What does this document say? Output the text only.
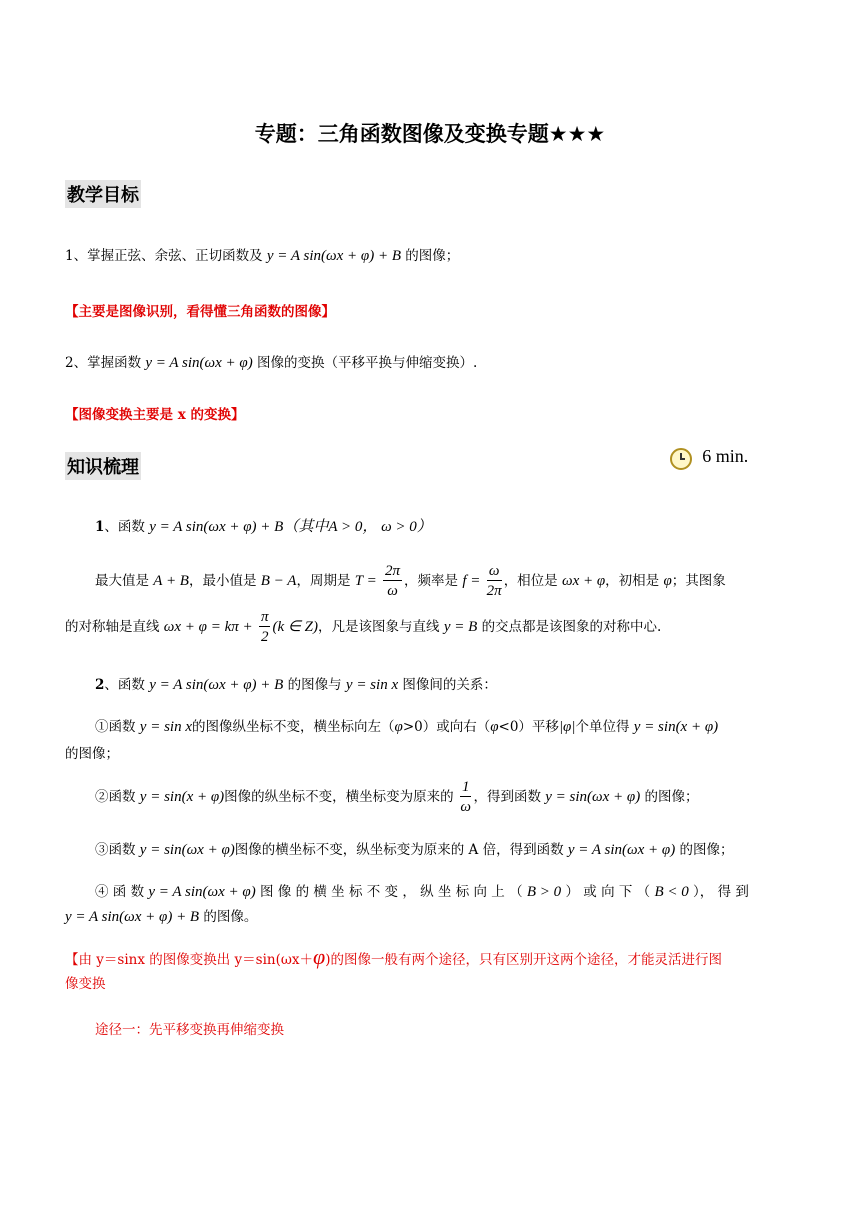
专题：三角函数图像及变换专题★★★
教学目标
1、掌握正弦、余弦、正切函数及 y = A sin(ωx + φ) + B 的图像；
【主要是图像识别，看得懂三角函数的图像】
2、掌握函数 y = A sin(ωx + φ) 图像的变换（平移平换与伸缩变换）.
【图像变换主要是 x 的变换】
知识梳理
6 min.
1、函数 y = A sin(ωx + φ) + B（其中A > 0， ω > 0）
最大值是 A + B，最小值是 B − A，周期是 $T = \frac{2\pi}{\omega}$ ，频率是 $f = \frac{\omega}{2\pi}$ ，相位是 ωx + φ，初相是 φ；其图象
的对称轴是直线 $\omega x + \varphi = k\pi + \frac{\pi}{2} (k$ ∈ Z)，凡是该图象与直线 y = B 的交点都是该图象的对称中心.
2、函数 y = A sin(ωx + φ) + B 的图像与 y = sin x 图像间的关系：
①函数 y = sin x的图像纵坐标不变，横坐标向左（φ>0）或向右（φ<0）平移|φ|个单位得 y = sin(x + φ)
的图像；
②函数 y = sin(x + φ)图像的纵坐标不变，横坐标变为原来的 $\frac{1}{\omega}$ ，得到函数 y = sin(ωx + φ) 的图像；
③函数 y = sin(ωx + φ)图像的横坐标不变，纵坐标变为原来的 A 倍，得到函数 y = A sin(ωx + φ) 的图像；
④ 函 数 y = A sin(ωx + φ) 图 像 的 横 坐 标 不 变 ， 纵 坐 标 向 上 （ B > 0 ） 或 向 下 （ B < 0 ）， 得 到
y = A sin(ωx + φ) + B 的图像。
【由 y＝sinx 的图像变换出 y＝sin(ωx＋φ)的图像一般有两个途径，只有区别开这两个途径，才能灵活进行图
像变换
途径一：先平移变换再伸缩变换
